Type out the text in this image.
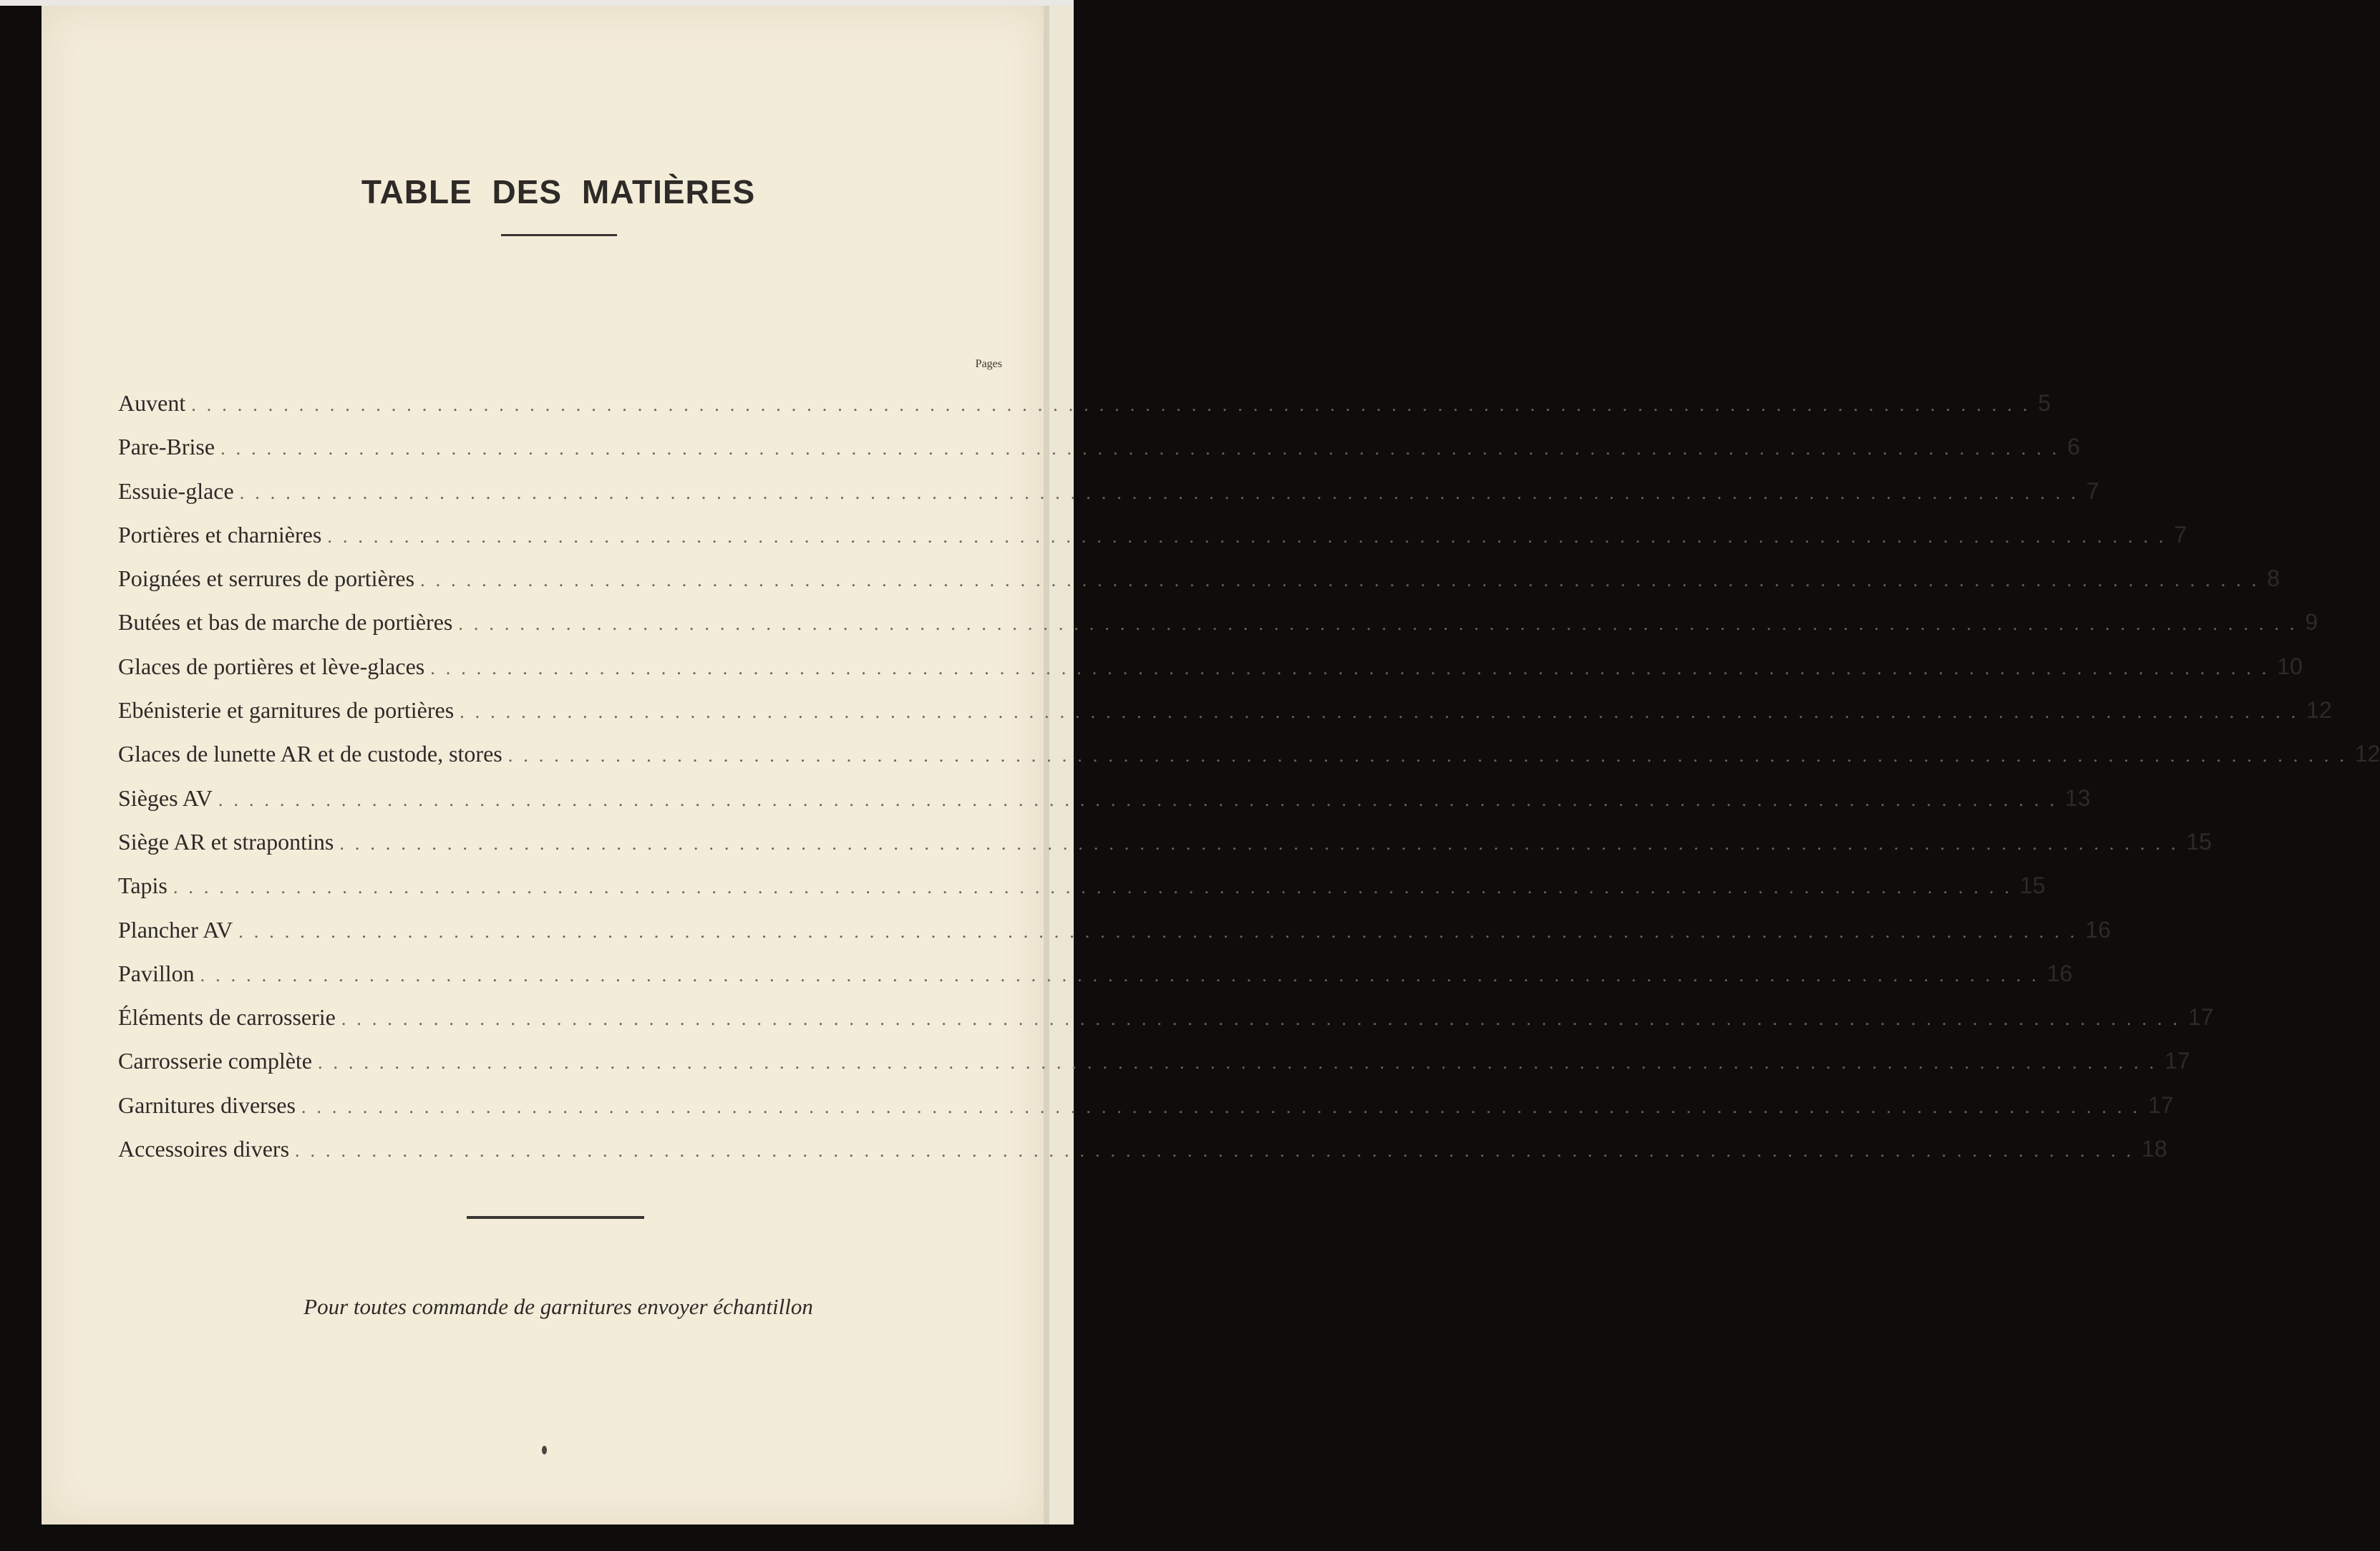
TABLE DES MATIÈRES
Pages
Auvent ........................................................................................................................ 5
Pare-Brise ........................................................................................................................ 6
Essuie-glace ........................................................................................................................ 7
Portières et charnières ........................................................................................................................ 7
Poignées et serrures de portières ........................................................................................................................ 8
Butées et bas de marche de portières ........................................................................................................................ 9
Glaces de portières et lève-glaces ........................................................................................................................ 10
Ebénisterie et garnitures de portières ........................................................................................................................ 12
Glaces de lunette AR et de custode, stores ........................................................................................................................ 12
Sièges AV ........................................................................................................................ 13
Siège AR et strapontins ........................................................................................................................ 15
Tapis ........................................................................................................................ 15
Plancher AV ........................................................................................................................ 16
Pavillon ........................................................................................................................ 16
Éléments de carrosserie ........................................................................................................................ 17
Carrosserie complète ........................................................................................................................ 17
Garnitures diverses ........................................................................................................................ 17
Accessoires divers ........................................................................................................................ 18
Pour toutes commande de garnitures envoyer échantillon
